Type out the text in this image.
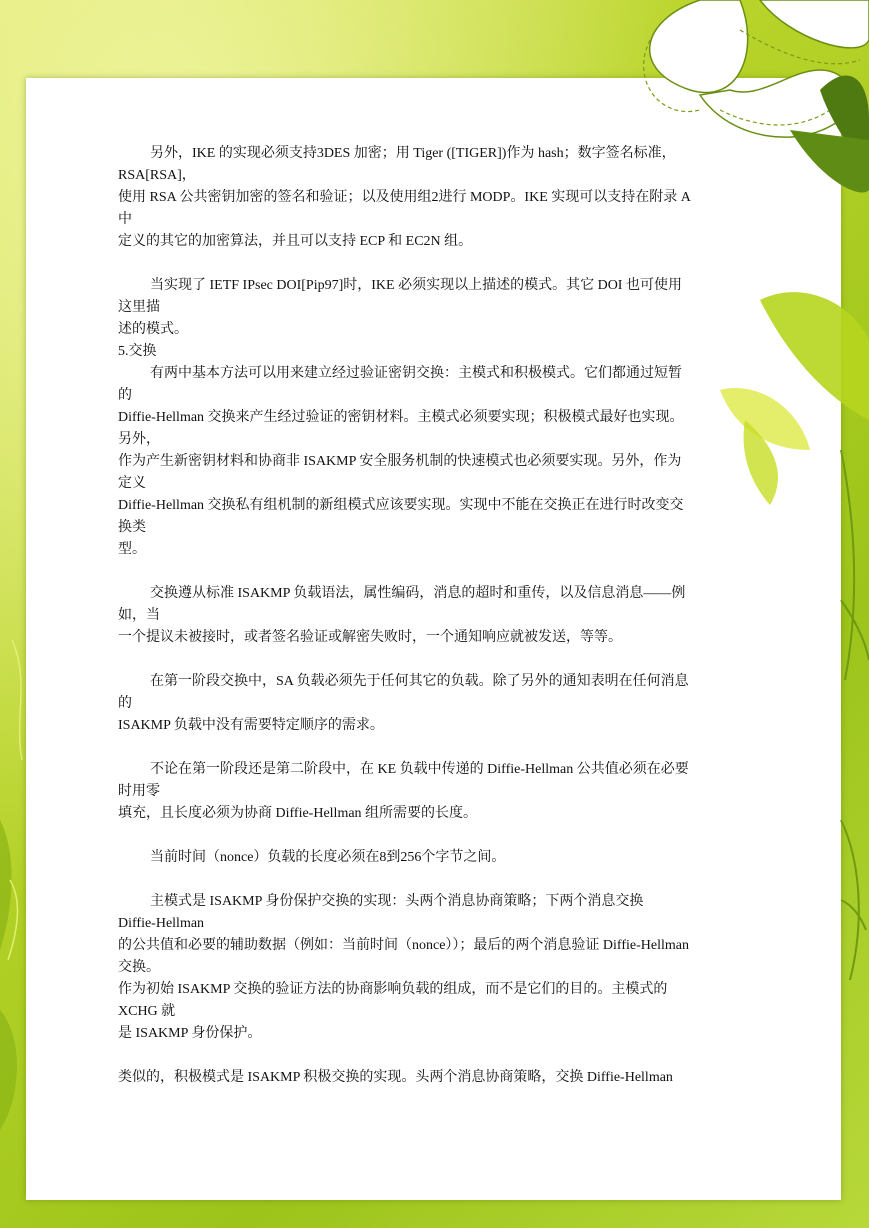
另外，IKE 的实现必须支持3DES 加密；用 Tiger ([TIGER])作为 hash；数字签名标准，
RSA[RSA]，
使用 RSA 公共密钥加密的签名和验证；以及使用组2进行 MODP。IKE 实现可以支持在附录 A
中
定义的其它的加密算法，并且可以支持 ECP 和 EC2N 组。
当实现了 IETF IPsec DOI[Pip97]时，IKE 必须实现以上描述的模式。其它 DOI 也可使用
这里描
述的模式。
5.交换
有两中基本方法可以用来建立经过验证密钥交换：主模式和积极模式。它们都通过短暂
的
Diffie-Hellman 交换来产生经过验证的密钥材料。主模式必须要实现；积极模式最好也实现。
另外，
作为产生新密钥材料和协商非 ISAKMP 安全服务机制的快速模式也必须要实现。另外，作为
定义
Diffie-Hellman 交换私有组机制的新组模式应该要实现。实现中不能在交换正在进行时改变交
换类
型。
交换遵从标准 ISAKMP 负载语法，属性编码，消息的超时和重传，以及信息消息——例
如，当
一个提议未被接时，或者签名验证或解密失败时，一个通知响应就被发送，等等。
在第一阶段交换中，SA 负载必须先于任何其它的负载。除了另外的通知表明在任何消息
的
ISAKMP 负载中没有需要特定顺序的需求。
不论在第一阶段还是第二阶段中，在 KE 负载中传递的 Diffie-Hellman 公共值必须在必要
时用零
填充，且长度必须为协商 Diffie-Hellman 组所需要的长度。
当前时间（nonce）负载的长度必须在8到256个字节之间。
主模式是 ISAKMP 身份保护交换的实现：头两个消息协商策略；下两个消息交换
Diffie-Hellman
的公共值和必要的辅助数据（例如：当前时间（nonce））；最后的两个消息验证 Diffie-Hellman
交换。
作为初始 ISAKMP 交换的验证方法的协商影响负载的组成，而不是它们的目的。主模式的
XCHG 就
是 ISAKMP 身份保护。
类似的，积极模式是 ISAKMP 积极交换的实现。头两个消息协商策略，交换 Diffie-Hellman
